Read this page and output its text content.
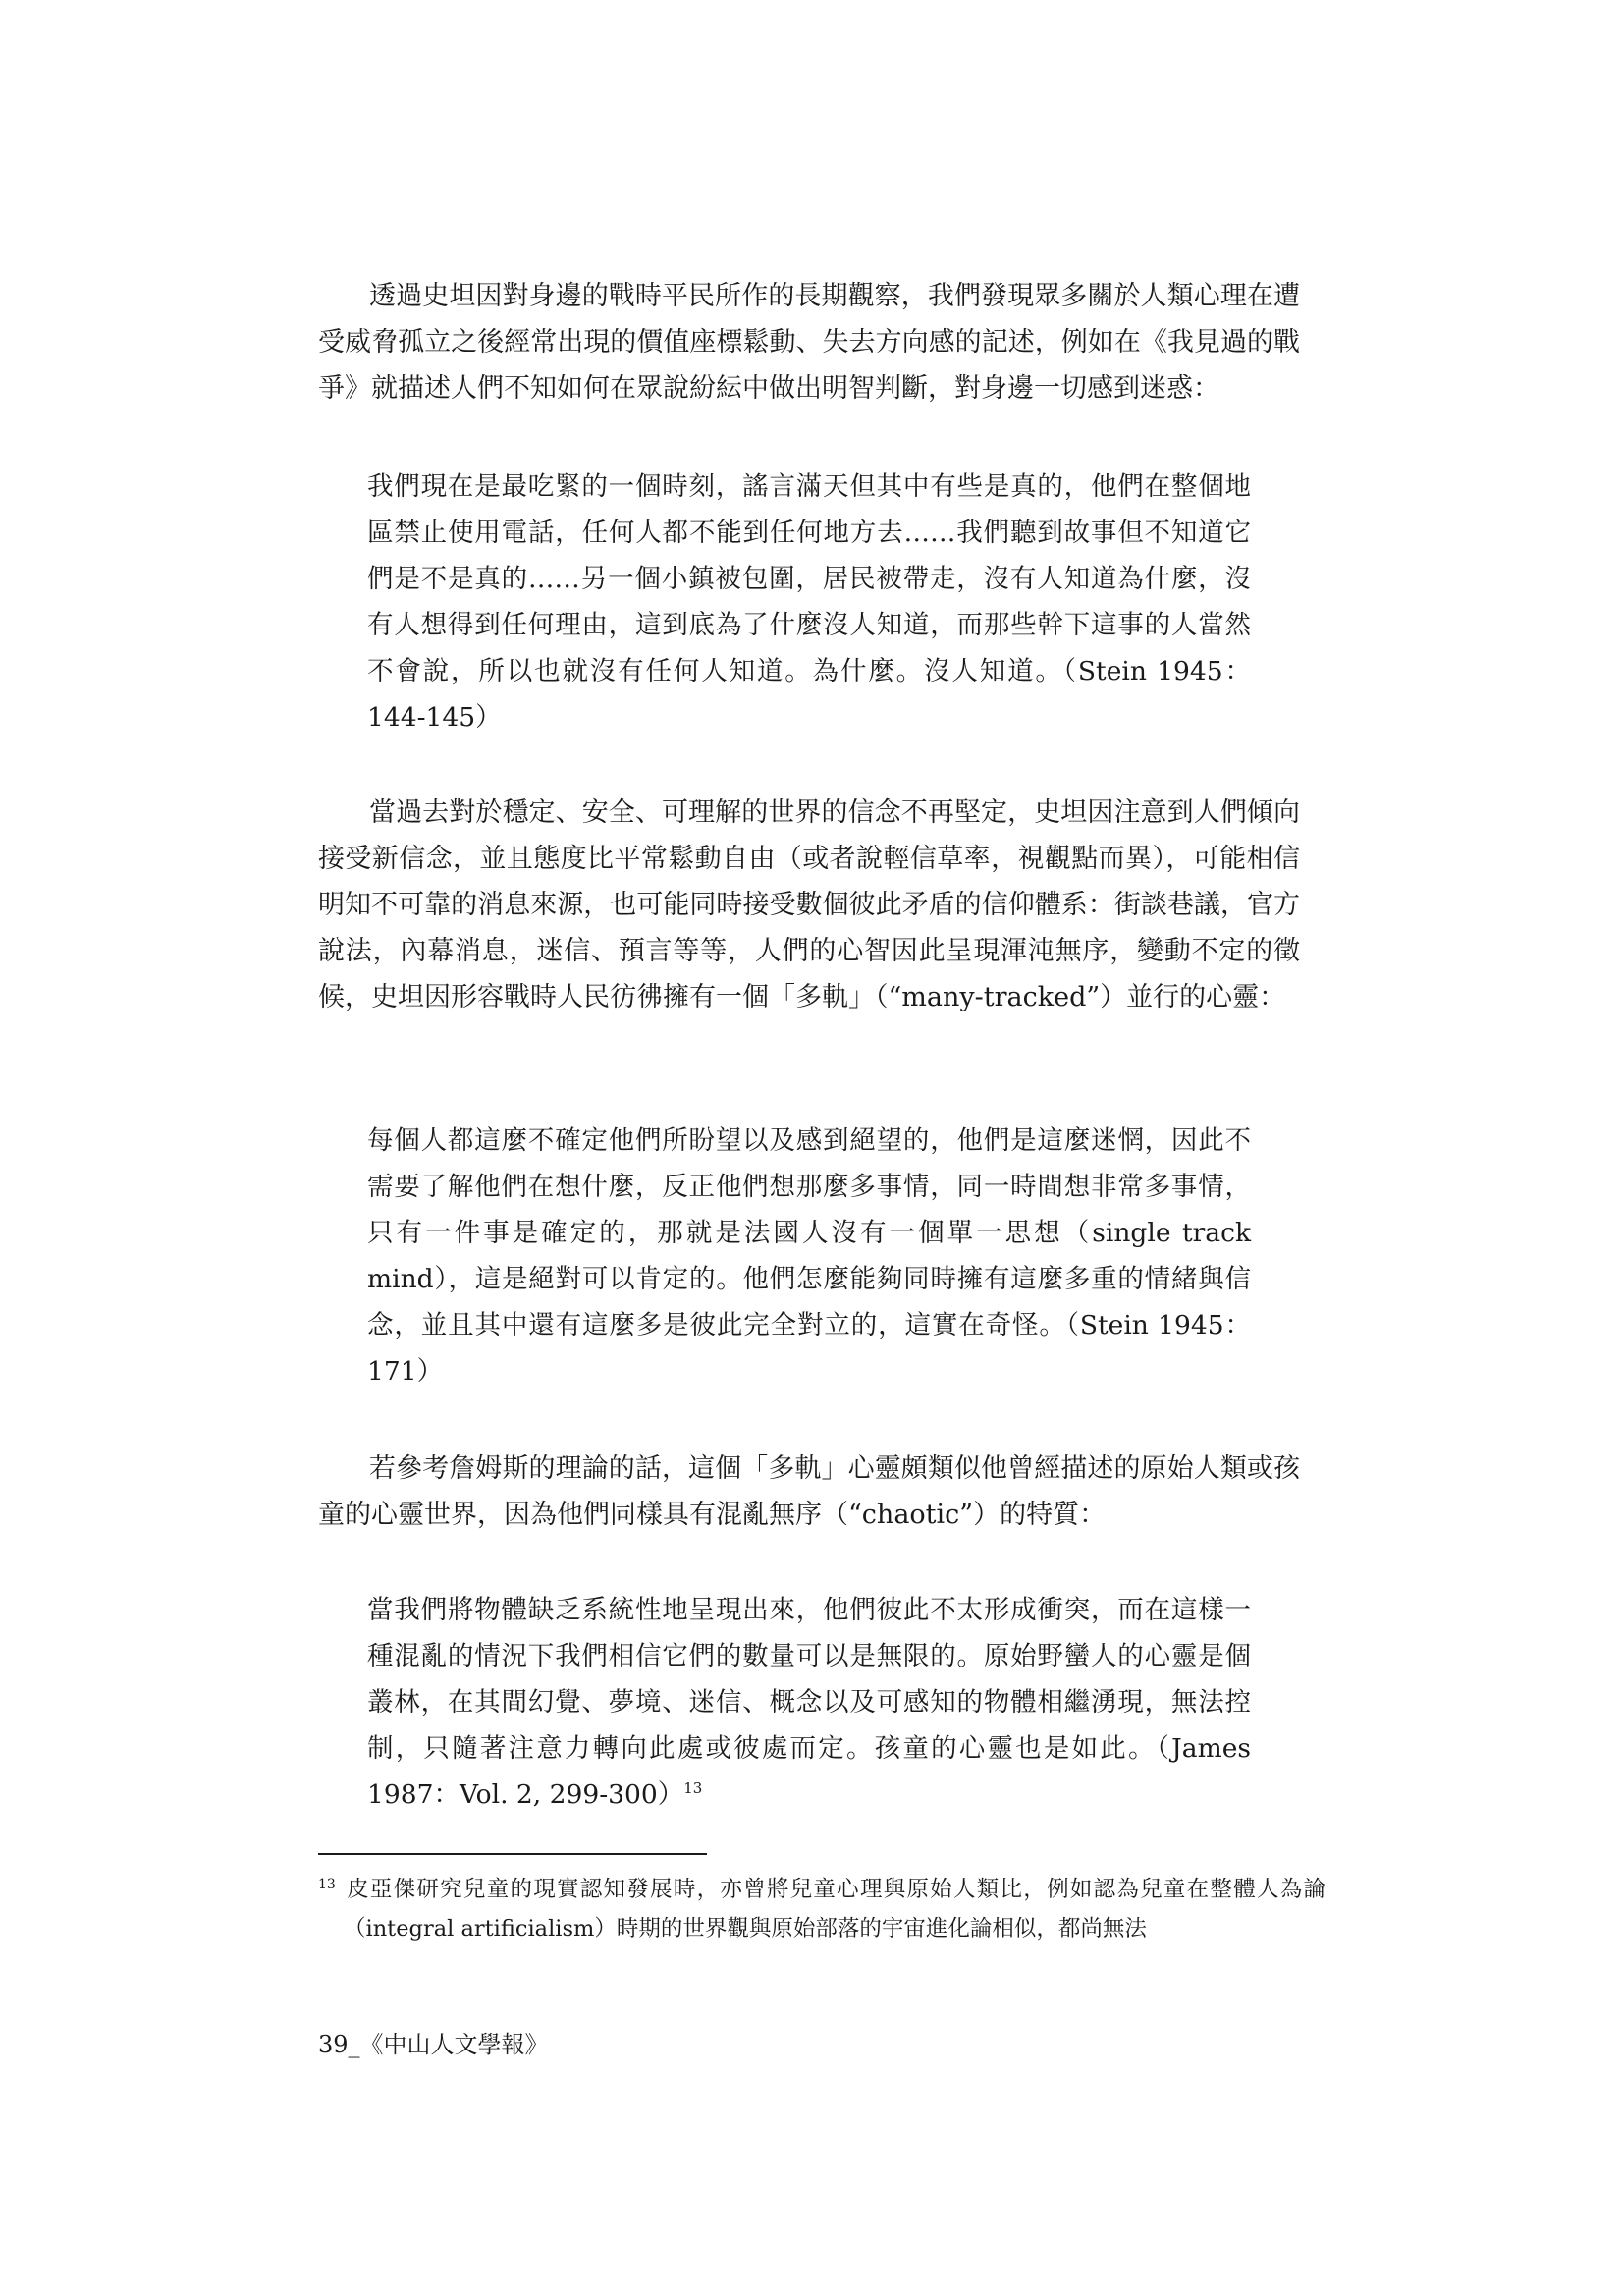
透過史坦因對身邊的戰時平民所作的長期觀察，我們發現眾多關於人類心理在遭受威脅孤立之後經常出現的價值座標鬆動、失去方向感的記述，例如在《我見過的戰爭》就描述人們不知如何在眾說紛紜中做出明智判斷，對身邊一切感到迷惑：

我們現在是最吃緊的一個時刻，謠言滿天但其中有些是真的，他們在整個地區禁止使用電話，任何人都不能到任何地方去……我們聽到故事但不知道它們是不是真的……另一個小鎮被包圍，居民被帶走，沒有人知道為什麼，沒有人想得到任何理由，這到底為了什麼沒人知道，而那些幹下這事的人當然不會說，所以也就沒有任何人知道。為什麼。沒人知道。（Stein 1945：144-145）

當過去對於穩定、安全、可理解的世界的信念不再堅定，史坦因注意到人們傾向接受新信念，並且態度比平常鬆動自由（或者說輕信草率，視觀點而異），可能相信明知不可靠的消息來源，也可能同時接受數個彼此矛盾的信仰體系：街談巷議，官方說法，內幕消息，迷信、預言等等，人們的心智因此呈現渾沌無序，變動不定的徵候，史坦因形容戰時人民彷彿擁有一個「多軌」（“many-tracked”）並行的心靈：

每個人都這麼不確定他們所盼望以及感到絕望的，他們是這麼迷惘，因此不需要了解他們在想什麼，反正他們想那麼多事情，同一時間想非常多事情，只有一件事是確定的，那就是法國人沒有一個單一思想（single track mind），這是絕對可以肯定的。他們怎麼能夠同時擁有這麼多重的情緒與信念，並且其中還有這麼多是彼此完全對立的，這實在奇怪。（Stein 1945：171）

若參考詹姆斯的理論的話，這個「多軌」心靈頗類似他曾經描述的原始人類或孩童的心靈世界，因為他們同樣具有混亂無序（“chaotic”）的特質：

當我們將物體缺乏系統性地呈現出來，他們彼此不太形成衝突，而在這樣一種混亂的情況下我們相信它們的數量可以是無限的。原始野蠻人的心靈是個叢林，在其間幻覺、夢境、迷信、概念以及可感知的物體相繼湧現，無法控制，只隨著注意力轉向此處或彼處而定。孩童的心靈也是如此。（James 1987：Vol. 2, 299-300）$^{13}$

$^{13}$ 皮亞傑研究兒童的現實認知發展時，亦曾將兒童心理與原始人類比，例如認為兒童在整體人為論（integral artificialism）時期的世界觀與原始部落的宇宙進化論相似，都尚無法

39_《中山人文學報》
